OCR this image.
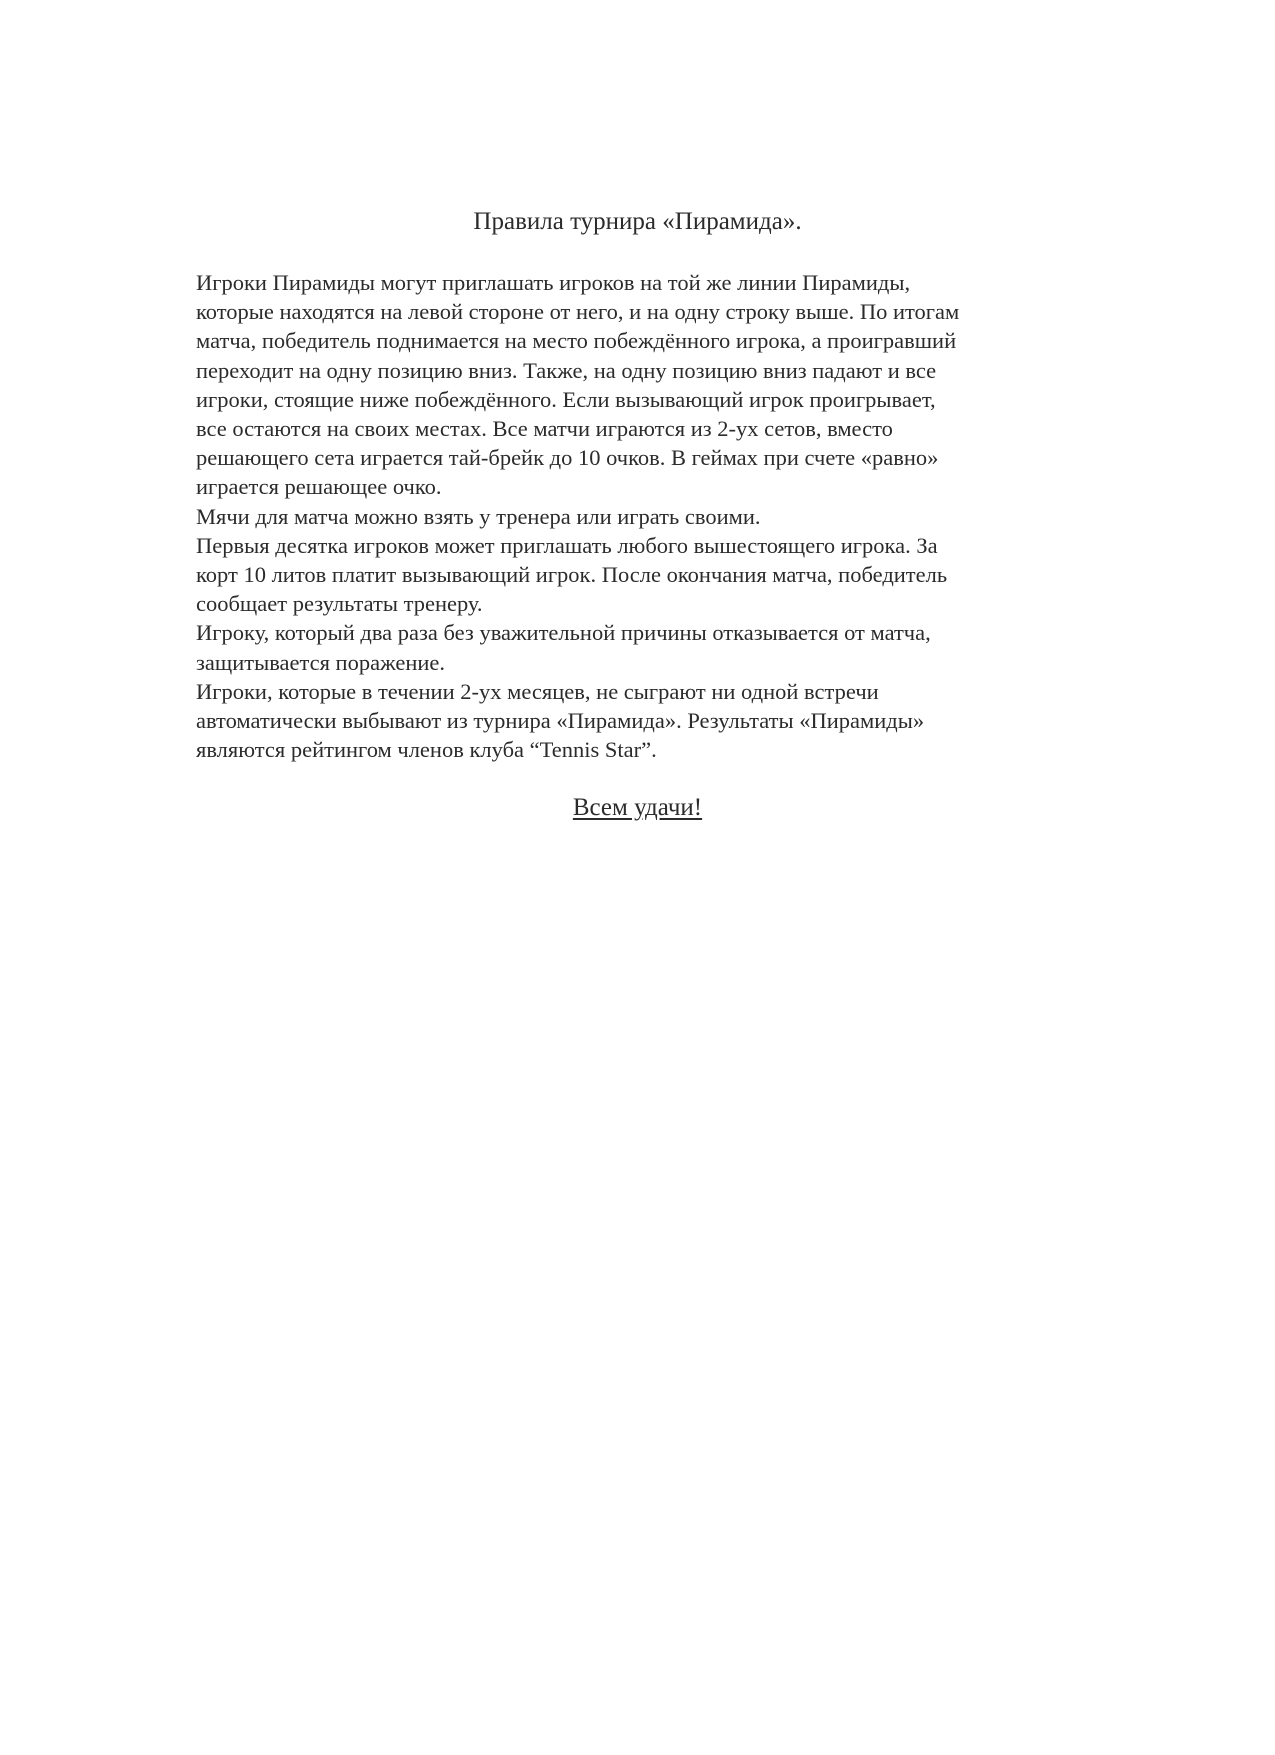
Правила турнира «Пирамида».
Игроки Пирамиды могут приглашать игроков на той же линии Пирамиды,
которые находятся на левой стороне от него, и на одну строку выше. По итогам
матча, победитель поднимается на место побеждённого игрока, а проигравший
переходит на одну позицию вниз. Также, на одну позицию вниз падают и все
игроки, стоящие ниже побеждённого. Если вызывающий игрок проигрывает,
все остаются на своих местах. Все матчи играются из 2-ух сетов, вместо
решающего сета играется тай-брейк до 10 очков. В геймах при счете «равно»
играется решающее очко.
Мячи для матча можно взять у тренера или играть своими.
Первыя десятка игроков может приглашать любого вышестоящего игрока. За
корт 10 литов платит вызывающий игрок. После окончания матча, победитель
сообщает результаты тренеру.
Игроку, который два раза без уважительной причины отказывается от матча,
защитывается поражение.
Игроки, которые в течении 2-ух месяцев, не сыграют ни одной встречи
автоматически выбывают из турнира «Пирамида». Результаты «Пирамиды»
являются рейтингом членов клуба “Tennis Star”.
Всем удачи!
